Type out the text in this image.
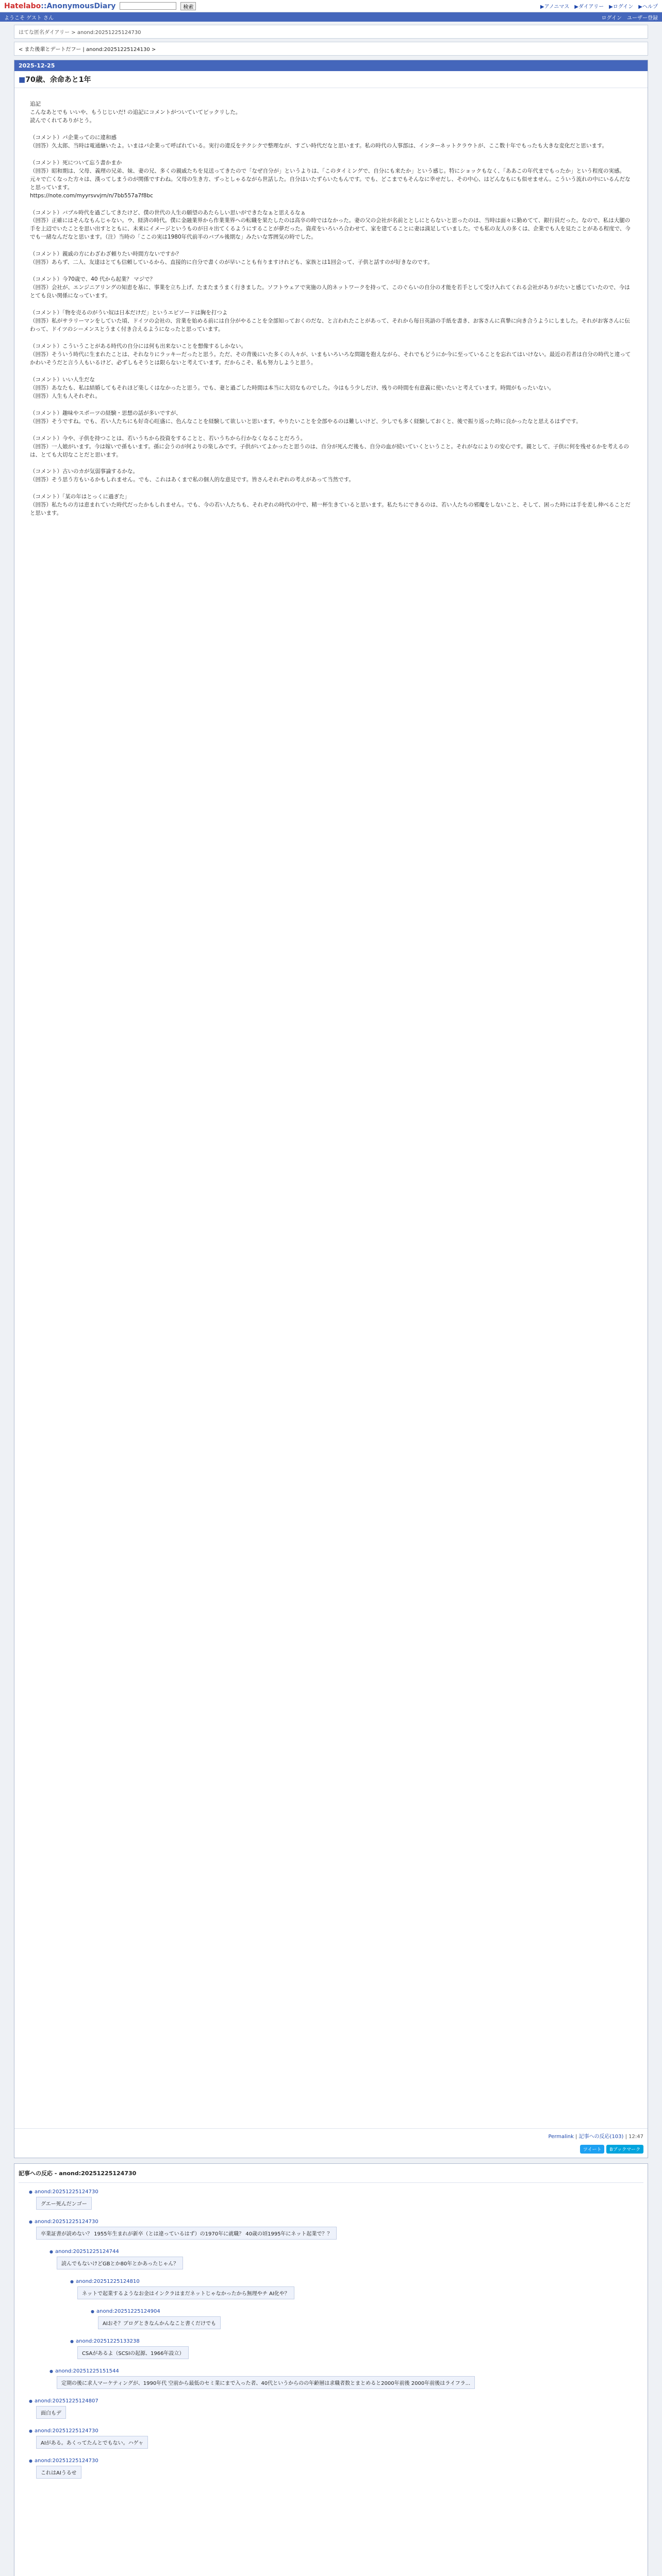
Hatelabo::AnonymousDiary	検索	▶アノニマス ▶ダイアリー ▶ログイン ▶ヘルプ
ようこそ ゲスト さん	ログイン ユーザー登録
はてな匿名ダイアリー > anond:20251225124730
< また後輩とデートだフー | anond:20251225124130 >
2025-12-25
■70歳、余命あと1年

追記
こんなあとでも いいや、もうじじいだ! の追記にコメントがついていてビックリした。
読んでくれてありがとう。

（コメント）パ企業ってのに違和感
（回答）久太郎、当時は電通継いたよ。いまはパ企業って呼ばれている。実行の違反をテクシクで整理なが、すごい時代だなと思います。私の時代の人事部は、インターネットクラウトが、ここ数十年でもったも大きな変化だと思います。

（コメント）死について忘う書かまか
（回答）昭和期は、父母、義理の兄弟、妹、妻の兄、多くの親戚たちを見送ってきたので「なぜ自分が」というよりは、「このタイミングで、自分にも来たか」という感じ。特にショックもなく、「ああこの年代までもったか」という程度の実感。元々で亡くなった方々は、漢ってしまうのが関係ですわね。父母の生き方、ずっとしゃるながら世話した。自分はいたずらいたもんです。でも、どこまでもそんなに幸せだし、その中心、はどんなもにも似せません。こういう流れの中にいるんだなと思っています。
https://note.com/myyrsvvjrn/n/7bb557a7f8bc

（コメント）バブル時代を過ごしてきたけど、僕の世代の人生の願望のあたらしい思いができたなぁと思えるなぁ
（回答）正確にはそんなもんじゃない。ウ、経済の時代。僕に金融業界から作業業界への転職を果たしたのは高卒の時ではなかった。妻の父の会社が名前ととしにとらないと思ったのは、当時は面々に勤めてて、銀行員だった。なので、私は大腿の手を上辺でいたことを思い出すとともに、未来にイメージというものが日々出てくるようにすることが夢だった。資産をいろいろ合わせて、家を建てることに妻は満足していました。でも私の友人の多くは、企業でも人を見たことがある程度で、今でも一緒なんだなと思います。（注）当時の「ここの実は1980年代前半のバブル後期な」みたいな雰囲気の時でした。

（コメント）親戚の方にわざわざ頼りたい時間方ないですか？
（回答）あらず、二人、友達はとても信頼しているから、直接的に自分で書くのが早いことも有りますけれども、家族とは1回会って、子供と話すのが好きなのです。

（コメント）今70歳で、40 代から起業？ マジで？
（回答）会社が、エンジニアリングの知恵を基に、事業を立ち上げ、たまたまうまく行きました。ソフトウェアで実施の人的ネットワークを持って、このぐらいの自分の才能を若手として受け入れてくれる会社がありがたいと感じていたので、今はとても良い関係になっています。

（コメント）「物を売るのがうい奴は日本だけだ」というエピソードは胸を打つよ
（回答）私がサラリーマンをしていた頃、ドイツの会社の、営業を始める前には自分がやることを全部知っておくのだな、と言われたことがあって、それから毎日英語の手紙を書き、お客さんに真摯に向き合うようにしました。それがお客さんに伝わって、ドイツのシーメンスとうまく付き合えるようになったと思っています。

（コメント）こういうことがある時代の自分には何も出来ないことを想像するしかない。
（回答）そういう時代に生まれたことは、それなりにラッキーだったと思う。ただ、その背後にいた多くの人々が、いまもいろいろな問題を抱えながら、それでもどうにか今に至っていることを忘れてはいけない。最近の若者は自分の時代と違ってかわいそうだと言う人もいるけど、必ずしもそうとは限らないと考えています。だからこそ、私も努力しようと思う。

（コメント）いい人生だな
（回答）あなたも、私は結婚してもそれほど楽しくはなかったと思う。でも、妻と過ごした時間は本当に大切なものでした。今はもう少しだけ、残りの時間を有意義に使いたいと考えています。時間がもったいない。
（回答）人生も人それぞれ。

（コメント）趣味やスポーツの経験・思想の話が多いですが、
（回答）そうですね。でも、若い人たちにも好奇心旺盛に、色んなことを経験して欲しいと思います。やりたいことを全部やるのは難しいけど、少しでも多く経験しておくと、後で振り返った時に良かったなと思えるはずです。

（コメント）今や、子供を持つことは、若いうちから投資をすることと、若いうちから行かなくなることだろう。
（回答）一人娘がいます。今は嫁いで孫もいます。孫に会うのが何よりの楽しみです。子供がいてよかったと思うのは、自分が死んだ後も、自分の血が続いていくということ。それがなによりの安心です。親として、子供に何を残せるかを考えるのは、とても大切なことだと思います。

（コメント）古いのカが気弱事論するかな。
（回答）そう思う方もいるかもしれません。でも、これはあくまで私の個人的な意見です。皆さんそれぞれの考えがあって当然です。

（コメント）「某の年はとっくに過ぎた」
（回答）私たちの方は恵まれていた時代だったかもしれません。でも、今の若い人たちも、それぞれの時代の中で、精一杯生きていると思います。私たちにできるのは、若い人たちの邪魔をしないこと、そして、困った時には手を差し伸べることだと思います。

Permalink | 記事への反応(103) | 12:47
ツイート	Bブックマーク
記事への反応 - anond:20251225124730
● anond:20251225124730
グエー死んだンゴー
● anond:20251225124730
卒業証書が読めない？ 1955年生まれが新卒（とは違っているはず）の1970年に就職？ 40歳の頃1995年にネット起業で？？
● anond:20251225124744
読んでもないけどGBとか80年とかあったじゃん？
● anond:20251225124810
ネットで起業するようなお金はインクラはまだネットじゃなかったから無理やチ AI化や？
● anond:20251225124904
AIおそ？ブログときなんかんなこと書くだけでも
● anond:20251225133238
CSAがあるよ（SCSIの起源、1966年設立）
● anond:20251225151544
定期の後に求人マーケティングが、1990年代 空前から最低のセミ業にまで入った者、40代というからのの年齢層は求職者数とまとめると2000年前後 2000年前後はライフラ...
● anond:20251225124807
面白もデ
● anond:20251225124730
AIがある。あくってたんとでもない。ハゲャ
● anond:20251225124730
これはAIうるせ
